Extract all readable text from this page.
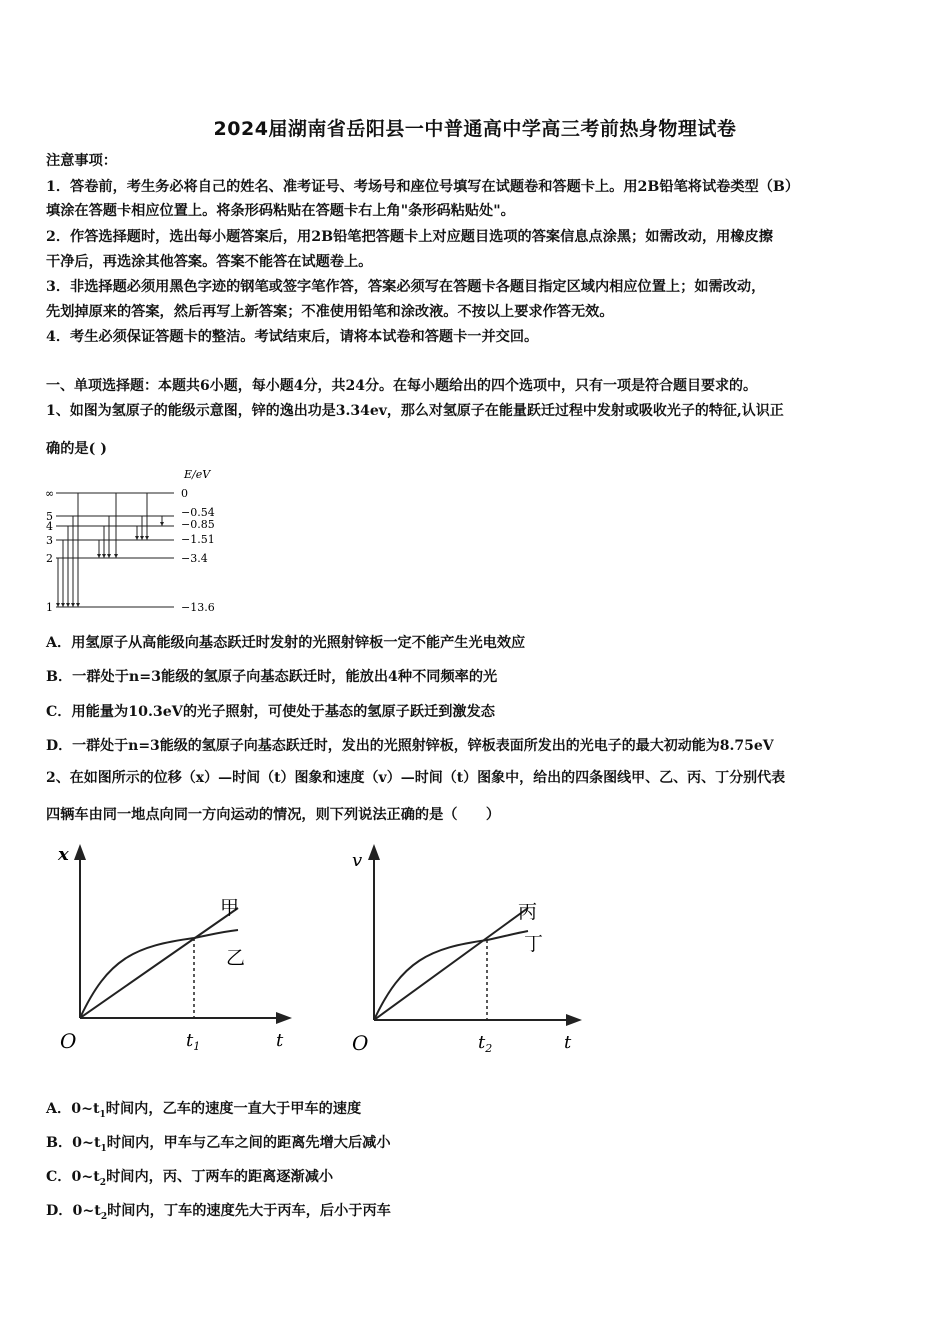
2024届湖南省岳阳县一中普通高中学高三考前热身物理试卷
注意事项：
1．答卷前，考生务必将自己的姓名、准考证号、考场号和座位号填写在试题卷和答题卡上。用2B铅笔将试卷类型（B）
填涂在答题卡相应位置上。将条形码粘贴在答题卡右上角"条形码粘贴处"。
2．作答选择题时，选出每小题答案后，用2B铅笔把答题卡上对应题目选项的答案信息点涂黑；如需改动，用橡皮擦
干净后，再选涂其他答案。答案不能答在试题卷上。
3．非选择题必须用黑色字迹的钢笔或签字笔作答，答案必须写在答题卡各题目指定区域内相应位置上；如需改动，
先划掉原来的答案，然后再写上新答案；不准使用铅笔和涂改液。不按以上要求作答无效。
4．考生必须保证答题卡的整洁。考试结束后，请将本试卷和答题卡一并交回。
一、单项选择题：本题共6小题，每小题4分，共24分。在每小题给出的四个选项中，只有一项是符合题目要求的。
1、如图为氢原子的能级示意图，锌的逸出功是3.34ev，那么对氢原子在能量跃迁过程中发射或吸收光子的特征,认识正
确的是( )
E/eV
∞
5
4
3
2
1
0
−0.54
−0.85
−1.51
−3.4
−13.6
A．用氢原子从高能级向基态跃迁时发射的光照射锌板一定不能产生光电效应
B．一群处于n=3能级的氢原子向基态跃迁时，能放出4种不同频率的光
C．用能量为10.3eV的光子照射，可使处于基态的氢原子跃迁到激发态
D．一群处于n=3能级的氢原子向基态跃迁时，发出的光照射锌板，锌板表面所发出的光电子的最大初动能为8.75eV
2、在如图所示的位移（x）—时间（t）图象和速度（v）—时间（t）图象中，给出的四条图线甲、乙、丙、丁分别代表
四辆车由同一地点向同一方向运动的情况，则下列说法正确的是（　　）
x
O	$t_1$	t
甲
乙
v
O	$t_2$	t
丙
丁
A．$0\sim t_1$时间内，乙车的速度一直大于甲车的速度
B．$0\sim t_1$时间内，甲车与乙车之间的距离先增大后减小
C．$0\sim t_2$时间内，丙、丁两车的距离逐渐减小
D．$0\sim t_2$时间内，丁车的速度先大于丙车，后小于丙车
